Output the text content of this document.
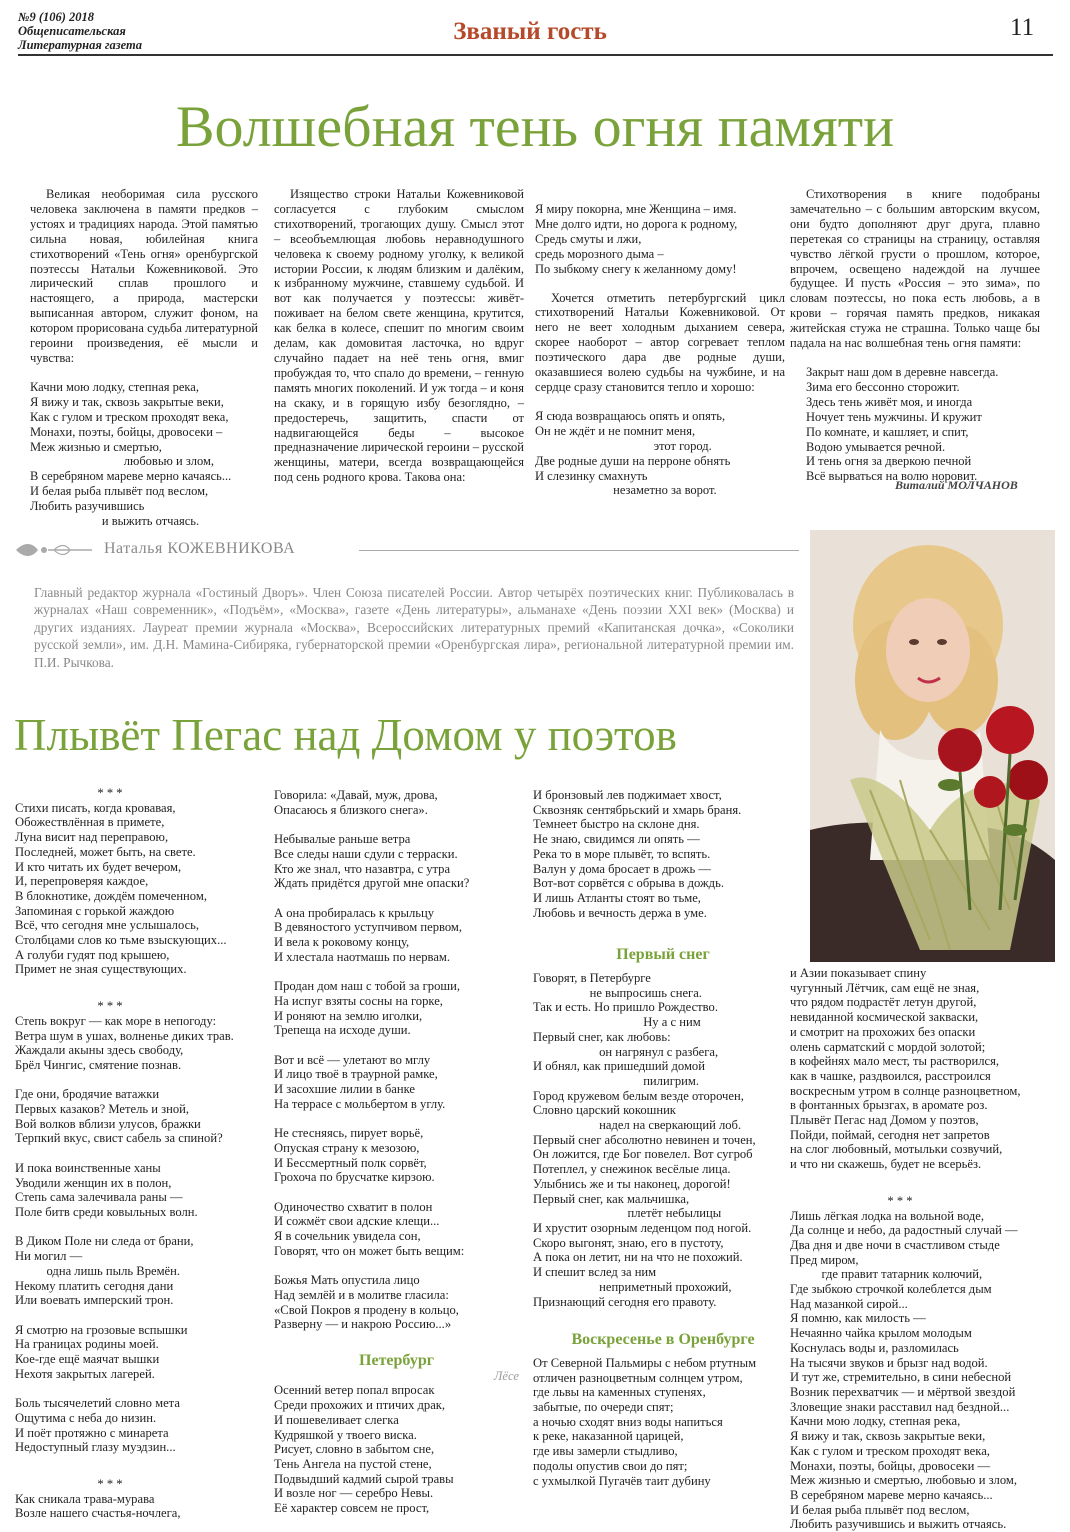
№9 (106) 2018
Общеписательская
Литературная газета	Званый гость	11
Волшебная тень огня памяти

Великая необоримая сила русского человека заключена в памяти предков – устоях и традициях народа. Этой памятью сильна новая, юбилейная книга стихотворений «Тень огня» оренбургской поэтессы Натальи Кожевниковой. Это лирический сплав прошлого и настоящего, а природа, мастерски выписанная автором, служит фоном, на котором прорисована судьба литературной героини произведения, её мысли и чувства:

Качни мою лодку, степная река,
Я вижу и так, сквозь закрытые веки,
Как с гулом и треском проходят века,
Монахи, поэты, бойцы, дровосеки –
Меж жизнью и смертью,
любовью и злом,
В серебряном мареве мерно качаясь...
И белая рыба плывёт под веслом,
Любить разучившись
и выжить отчаясь.

Изящество строки Натальи Кожевниковой согласуется с глубоким смыслом стихотворений, трогающих душу. Смысл этот – всеобъемлющая любовь неравнодушного человека к своему родному уголку, к великой истории России, к людям близким и далёким, к избранному мужчине, ставшему судьбой. И вот как получается у поэтессы: живёт-поживает на белом свете женщина, крутится, как белка в колесе, спешит по многим своим делам, как домовитая ласточка, но вдруг случайно падает на неё тень огня, вмиг пробуждая то, что спало до времени, – генную память многих поколений. И уж тогда – и коня на скаку, и в горящую избу безоглядно, – предостеречь, защитить, спасти от надвигающейся беды – высокое предназначение лирической героини – русской женщины, матери, всегда возвращающейся под сень родного крова. Такова она:

Я миру покорна, мне Женщина – имя.
Мне долго идти, но дорога к родному,
Средь смуты и лжи,
средь морозного дыма –
По зыбкому снегу к желанному дому!

Хочется отметить петербургский цикл стихотворений Натальи Кожевниковой. От него не веет холодным дыханием севера, скорее наоборот – автор согревает теплом поэтического дара две родные души, оказавшиеся волею судьбы на чужбине, и на сердце сразу становится тепло и хорошо:

Я сюда возвращаюсь опять и опять,
Он не ждёт и не помнит меня,
этот город.
Две родные души на перроне обнять
И слезинку смахнуть
незаметно за ворот.

Стихотворения в книге подобраны замечательно – с большим авторским вкусом, они будто дополняют друг друга, плавно перетекая со страницы на страницу, оставляя чувство лёгкой грусти о прошлом, которое, впрочем, освещено надеждой на лучшее будущее. И пусть «Россия – это зима», по словам поэтессы, но пока есть любовь, а в крови – горячая память предков, никакая житейская стужа не страшна. Только чаще бы падала на нас волшебная тень огня памяти:

Закрыт наш дом в деревне навсегда.
Зима его бессонно сторожит.
Здесь тень живёт моя, и иногда
Ночует тень мужчины. И кружит
По комнате, и кашляет, и спит,
Водою умывается речной.
И тень огня за дверкою печной
Всё вырваться на волю норовит.
Виталий МОЛЧАНОВ
Наталья КОЖЕВНИКОВА
Главный редактор журнала «Гостиный Дворъ». Член Союза писателей России. Автор четырёх поэтических книг. Публиковалась в журналах «Наш современник», «Подъём», «Москва», газете «День литературы», альманахе «День поэзии XXI век» (Москва) и других изданиях. Лауреат премии журнала «Москва», Всероссийских литературных премий «Капитанская дочка», «Соколики русской земли», им. Д.Н. Мамина-Сибиряка, губернаторской премии «Оренбургская лира», региональной литературной премии им. П.И. Рычкова.
Плывёт Пегас над Домом у поэтов

* * *

Стихи писать, когда кровавая,
Обожествлённая в примете,
Луна висит над переправою,
Последней, может быть, на свете.
И кто читать их будет вечером,
И, перепроверяя каждое,
В блокнотике, дождём помеченном,
Запоминая с горькой жаждою
Всё, что сегодня мне услышалось,
Столбцами слов ко тьме взыскующих...
А голуби гудят под крышею,
Примет не зная существующих.

* * *

Степь вокруг — как море в непогоду:
Ветра шум в ушах, волненье диких трав.
Жаждали акыны здесь свободу,
Брёл Чингис, смятение познав.

Где они, бродячие ватажки
Первых казаков? Метель и зной,
Вой волков вблизи улусов, бражки
Терпкий вкус, свист сабель за спиной?

И пока воинственные ханы
Уводили женщин их в полон,
Степь сама залечивала раны —
Поле битв среди ковыльных волн.

В Диком Поле ни следа от брани,
Ни могил —
одна лишь пыль Времён.
Некому платить сегодня дани
Или воевать имперский трон.

Я смотрю на грозовые вспышки
На границах родины моей.
Кое-где ещё маячат вышки
Нехотя закрытых лагерей.

Боль тысячелетий словно мета
Ощутима с неба до низин.
И поёт протяжно с минарета
Недоступный глазу муэдзин...

* * *

Как сникала трава-мурава
Возле нашего счастья-ночлега,
Говорила: «Давай, муж, дрова,
Опасаюсь я близкого снега».

Небывалые раньше ветра
Все следы наши сдули с терраски.
Кто же знал, что назавтра, с утра
Ждать придётся другой мне опаски?

А она пробиралась к крыльцу
В девяностого уступчивом первом,
И вела к роковому концу,
И хлестала наотмашь по нервам.

Продан дом наш с тобой за гроши,
На испуг взяты сосны на горке,
И роняют на землю иголки,
Трепеща на исходе души.

Вот и всё — улетают во мглу
И лицо твоё в траурной рамке,
И засохшие лилии в банке
На террасе с мольбертом в углу.

Не стесняясь, пирует ворьё,
Опуская страну к мезозою,
И Бессмертный полк сорвёт,
Грохоча по брусчатке кирзою.

Одиночество схватит в полон
И сожмёт свои адские клещи...
Я в сочельник увидела сон,
Говорят, что он может быть вещим:

Божья Мать опустила лицо
Над землёй и в молитве гласила:
«Свой Покров я продену в кольцо,
Разверну — и накрою Россию...»

Петербург

Лёсе

Осенний ветер попал впросак
Среди прохожих и птичих драк,
И пошевеливает слегка
Кудряшкой у твоего виска.
Рисует, словно в забытом сне,
Тень Ангела на пустой стене,
Подвыдший кадмий сырой травы
И возле ног — серебро Невы.
Её характер совсем не прост,
И бронзовый лев поджимает хвост,
Сквозняк сентябрьский и хмарь браня.
Темнеет быстро на склоне дня.
Не знаю, свидимся ли опять —
Река то в море плывёт, то вспять.
Валун у дома бросает в дрожь —
Вот-вот сорвётся с обрыва в дождь.
И лишь Атланты стоят во тьме,
Любовь и вечность держа в уме.

Первый снег

Говорят, в Петербурге
не выпросишь снега.
Так и есть. Но пришло Рождество.
Ну а с ним
Первый снег, как любовь:
он нагрянул с разбега,
И обнял, как пришедший домой
пилигрим.
Город кружевом белым везде оторочен,
Словно царский кокошник
надел на сверкающий лоб.
Первый снег абсолютно невинен и точен,
Он ложится, где Бог повелел. Вот сугроб
Потеплел, у снежинок весёлые лица.
Улыбнись же и ты наконец, дорогой!
Первый снег, как мальчишка,
плетёт небылицы
И хрустит озорным леденцом под ногой.
Скоро выгонят, знаю, его в пустоту,
А пока он летит, ни на что не похожий.
И спешит вслед за ним
неприметный прохожий,
Признающий сегодня его правоту.

Воскресенье в Оренбурге

От Северной Пальмиры с небом ртутным
отличен разноцветным солнцем утром,
где львы на каменных ступенях,
забытые, по очереди спят;
а ночью сходят вниз воды напиться
к реке, наказанной царицей,
где ивы замерли стыдливо,
подолы опустив свои до пят;
с ухмылкой Пугачёв таит дубину
и Азии показывает спину
чугунный Лётчик, сам ещё не зная,
что рядом подрастёт летун другой,
невиданной космической закваски,
и смотрит на прохожих без опаски
олень сарматский с мордой золотой;
в кофейнях мало мест, ты растворился,
как в чашке, раздвоился, расстроился
воскресным утром в солнце разноцветном,
в фонтанных брызгах, в аромате роз.
Плывёт Пегас над Домом у поэтов,
Пойди, поймай, сегодня нет запретов
на слог любовный, мотыльки созвучий,
и что ни скажешь, будет не всерьёз.

* * *

Лишь лёгкая лодка на вольной воде,
Да солнце и небо, да радостный случай —
Два дня и две ночи в счастливом стыде
Пред миром,
где правит татарник колючий,
Где зыбкою строчкой колеблется дым
Над мазанкой сирой...
Я помню, как милость —
Нечаянно чайка крылом молодым
Коснулась воды и, разломилась
На тысячи звуков и брызг над водой.
И тут же, стремительно, в сини небесной
Возник перехватчик — и мёртвой звездой
Зловещие знаки расставил над бездной...
Качни мою лодку, степная река,
Я вижу и так, сквозь закрытые веки,
Как с гулом и треском проходят века,
Монахи, поэты, бойцы, дровосеки —
Меж жизнью и смертью, любовью и злом,
В серебряном мареве мерно качаясь...
И белая рыба плывёт под веслом,
Любить разучившись и выжить отчаясь.
